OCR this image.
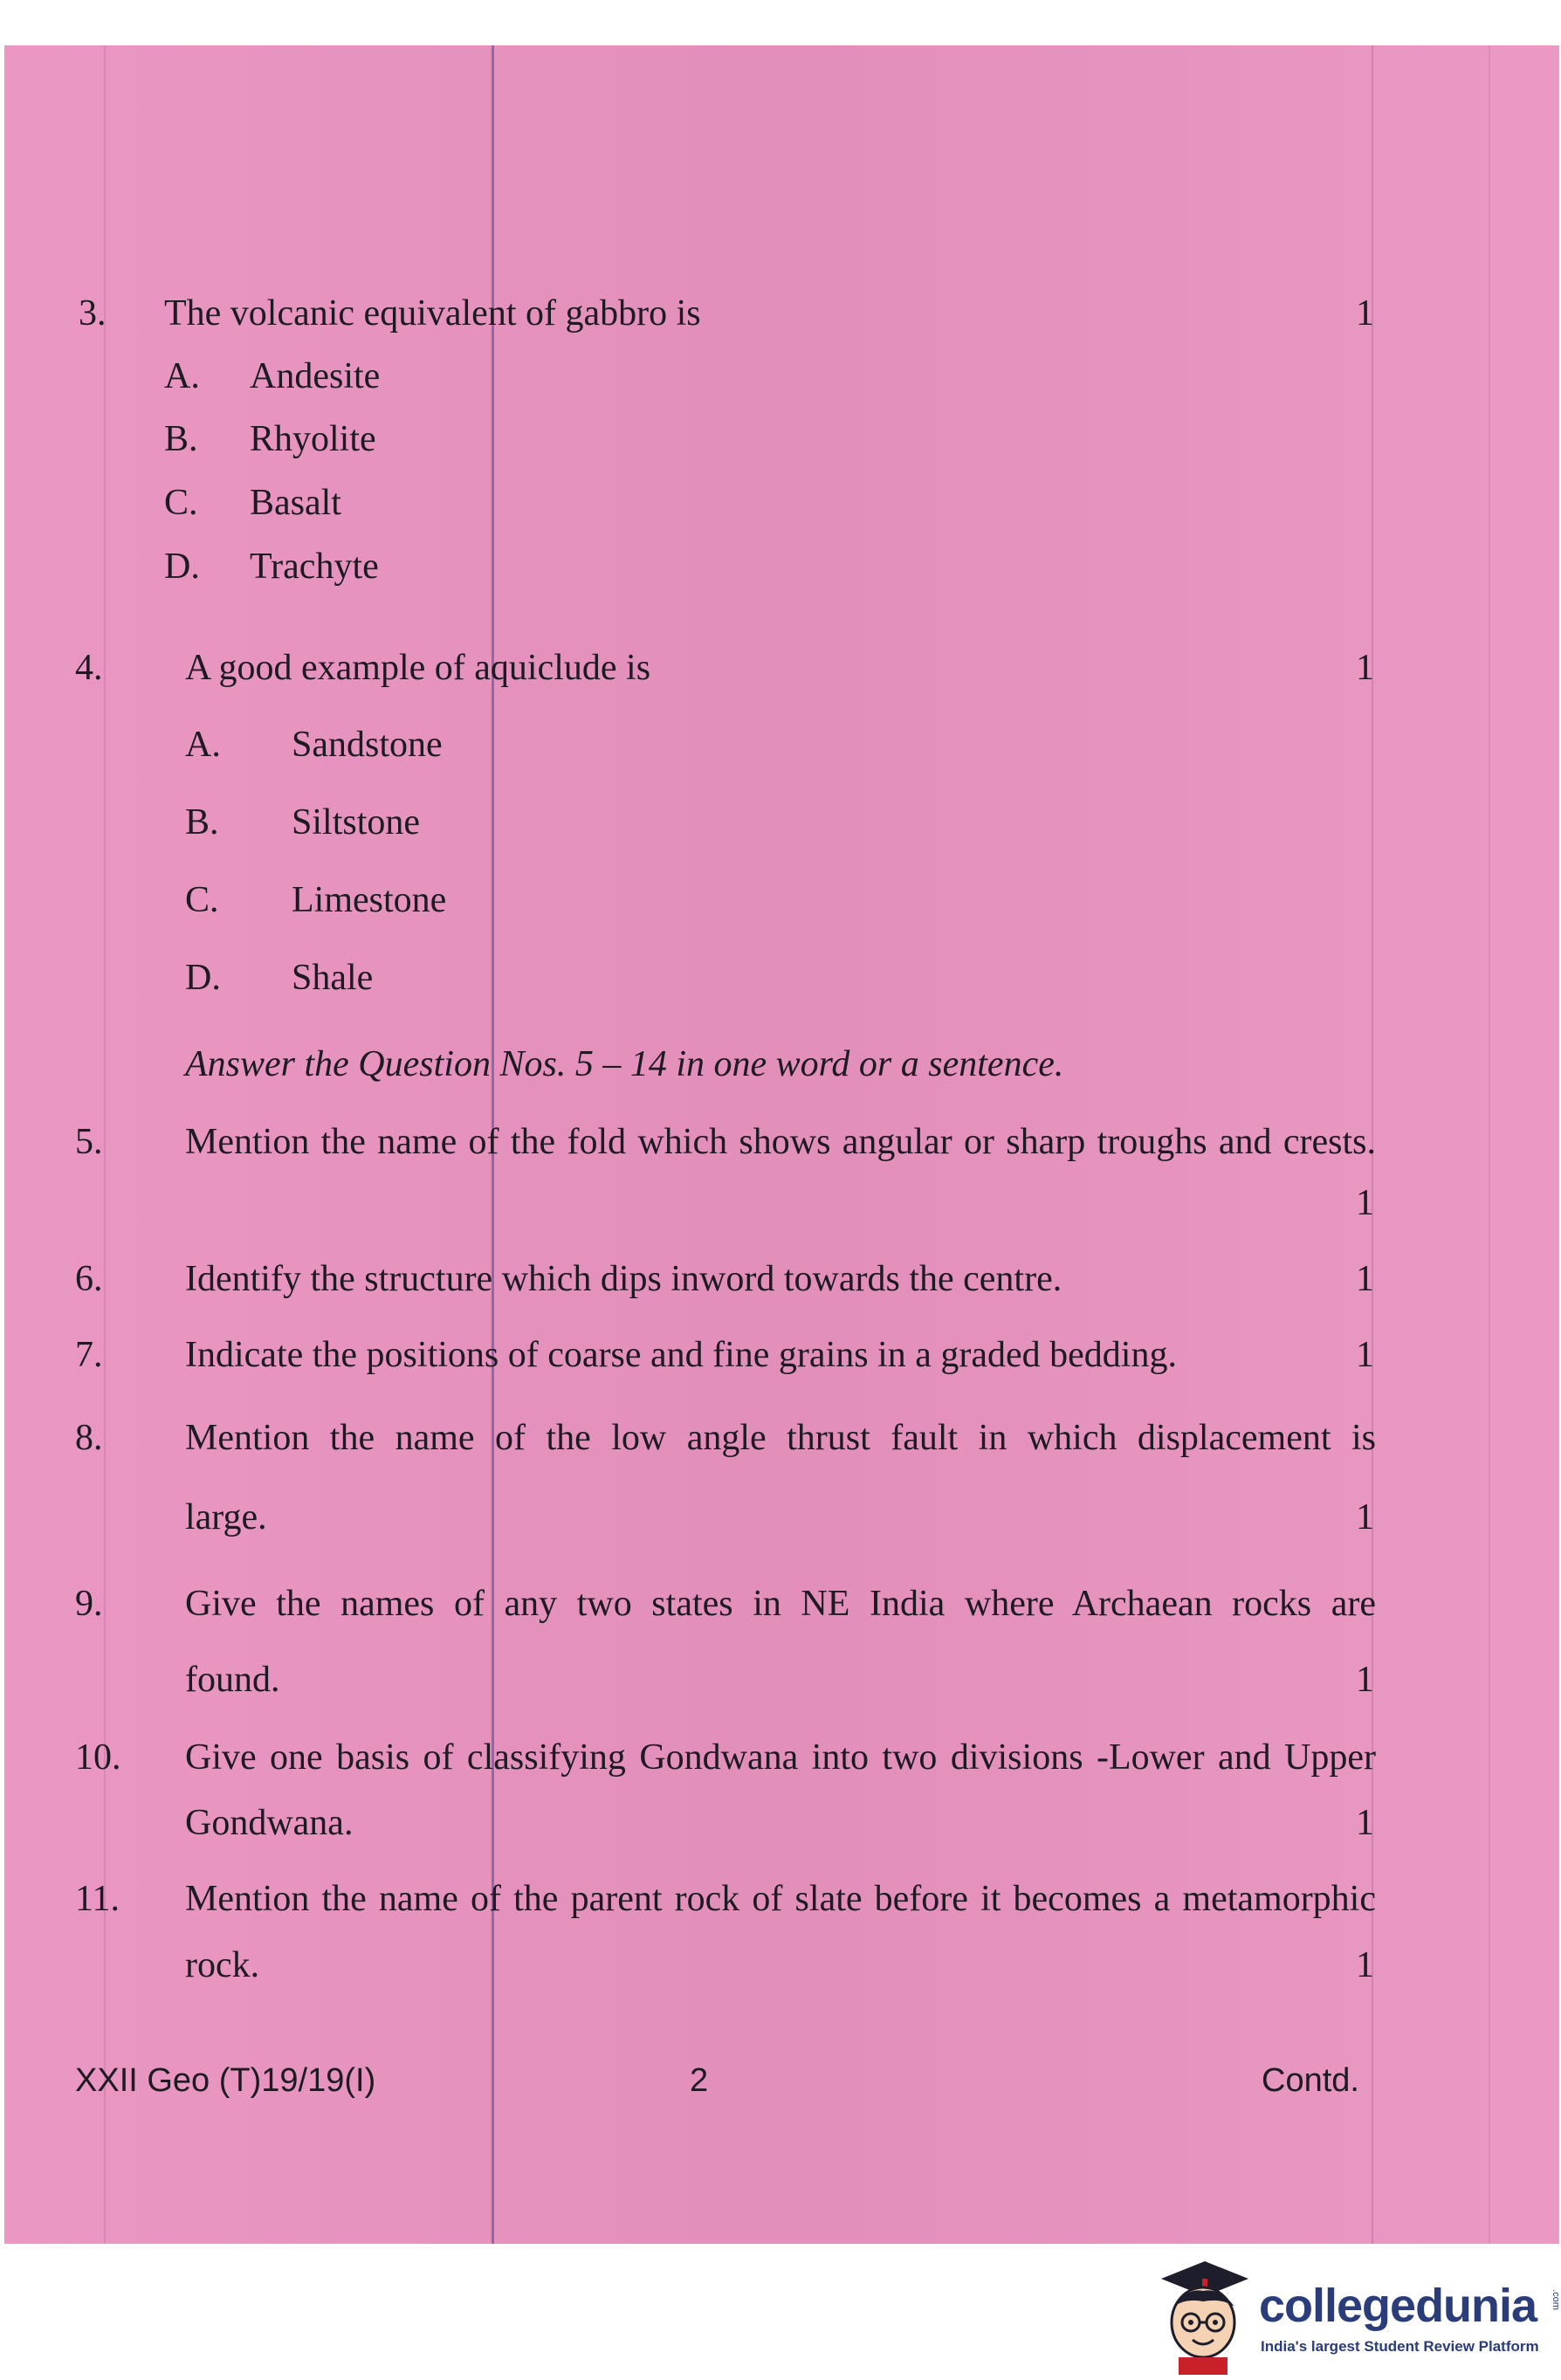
3. The volcanic equivalent of gabbro is	1
A. Andesite
B. Rhyolite
C. Basalt
D. Trachyte
4. A good example of aquiclude is	1
A. Sandstone
B. Siltstone
C. Limestone
D. Shale
Answer the Question Nos. 5 – 14 in one word or a sentence.
5. Mention the name of the fold which shows angular or sharp troughs and crests.
1
6. Identify the structure which dips inword towards the centre.	1
7. Indicate the positions of coarse and fine grains in a graded bedding.	1
8. Mention the name of the low angle thrust fault in which displacement is
large.	1
9. Give the names of any two states in NE India where Archaean rocks are
found.	1
10. Give one basis of classifying Gondwana into two divisions -Lower and Upper
Gondwana.	1
11. Mention the name of the parent rock of slate before it becomes a metamorphic
rock.	1
XXII Geo (T)19/19(I)	2	Contd.
collegedunia .com
India's largest Student Review Platform
